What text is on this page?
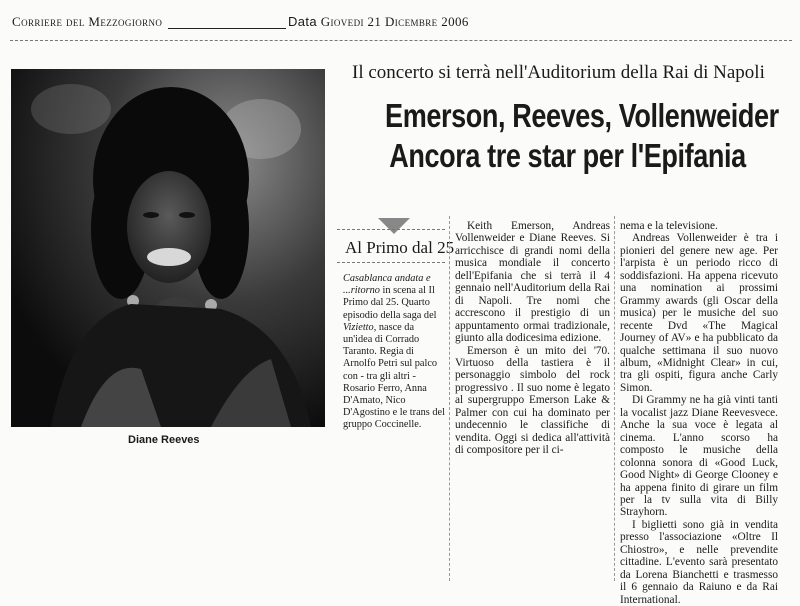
Corriere del Mezzogiorno	Data Giovedi 21 Dicembre 2006
Diane Reeves
Il concerto si terrà nell'Auditorium della Rai di Napoli
Emerson, Reeves, Vollenweider
Ancora tre star per l'Epifania
Al Primo dal 25
Casablanca andata e ...ritorno in scena al Il Primo dal 25. Quarto episodio della saga del Vizietto, nasce da un'idea di Corrado Taranto. Regia di Arnolfo Petri sul palco con - tra gli altri - Rosario Ferro, Anna D'Amato, Nico D'Agostino e le trans del gruppo Coccinelle.

Keith Emerson, Andreas Vollenweider e Diane Reeves. Si arricchisce di grandi nomi della musica mondiale il concerto dell'Epifania che si terrà il 4 gennaio nell'Auditorium della Rai di Napoli. Tre nomi che accrescono il prestigio di un appuntamento ormai tradizionale, giunto alla dodicesima edizione.

Emerson è un mito dei '70. Virtuoso della tastiera è il personaggio simbolo del rock progressivo . Il suo nome è legato al supergruppo Emerson Lake & Palmer con cui ha dominato per undecennio le classifiche di vendita. Oggi si dedica all'attività di compositore per il ci-

nema e la televisione.

Andreas Vollenweider è tra i pionieri del genere new age. Per l'arpista è un periodo ricco di soddisfazioni. Ha appena ricevuto una nomination ai prossimi Grammy awards (gli Oscar della musica) per le musiche del suo recente Dvd «The Magical Journey of AV» e ha pubblicato da qualche settimana il suo nuovo album, «Midnight Clear» in cui, tra gli ospiti, figura anche Carly Simon.

Di Grammy ne ha già vinti tanti la vocalist jazz Diane Reevesvece. Anche la sua voce è legata al cinema. L'anno scorso ha composto le musiche della colonna sonora di «Good Luck, Good Night» di George Clooney e ha appena finito di girare un film per la tv sulla vita di Billy Strayhorn.

I biglietti sono già in vendita presso l'associazione «Oltre Il Chiostro», e nelle prevendite cittadine. L'evento sarà presentato da Lorena Bianchetti e trasmesso il 6 gennaio da Raiuno e da Rai International.
